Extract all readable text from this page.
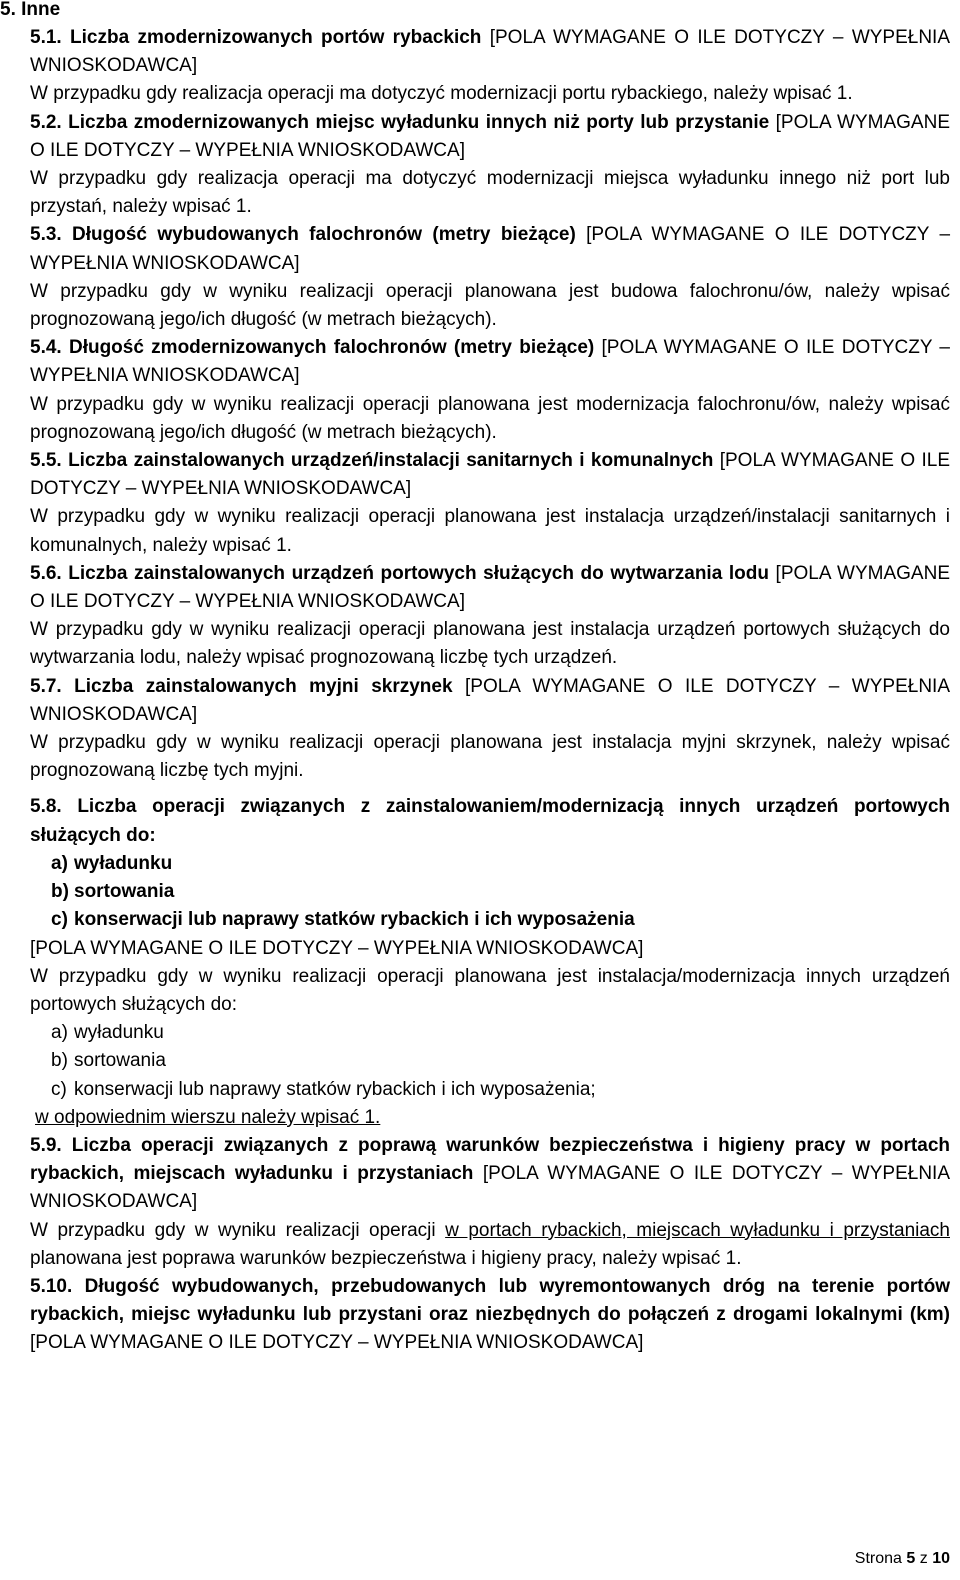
5. Inne

5.1. Liczba zmodernizowanych portów rybackich [POLA WYMAGANE O ILE DOTYCZY – WYPEŁNIA WNIOSKODAWCA]

W przypadku gdy realizacja operacji ma dotyczyć modernizacji portu rybackiego, należy wpisać 1.

5.2. Liczba zmodernizowanych miejsc wyładunku innych niż porty lub przystanie [POLA WYMAGANE O ILE DOTYCZY – WYPEŁNIA WNIOSKODAWCA]

W przypadku gdy realizacja operacji ma dotyczyć modernizacji miejsca wyładunku innego niż port lub przystań, należy wpisać 1.

5.3. Długość wybudowanych falochronów (metry bieżące) [POLA WYMAGANE O ILE DOTYCZY – WYPEŁNIA WNIOSKODAWCA]

W przypadku gdy w wyniku realizacji operacji planowana jest budowa falochronu/ów, należy wpisać prognozowaną jego/ich długość (w metrach bieżących).

5.4. Długość zmodernizowanych falochronów (metry bieżące) [POLA WYMAGANE O ILE DOTYCZY – WYPEŁNIA WNIOSKODAWCA]

W przypadku gdy w wyniku realizacji operacji planowana jest modernizacja falochronu/ów, należy wpisać prognozowaną jego/ich długość (w metrach bieżących).

5.5. Liczba zainstalowanych urządzeń/instalacji sanitarnych i komunalnych [POLA WYMAGANE O ILE DOTYCZY – WYPEŁNIA WNIOSKODAWCA]

W przypadku gdy w wyniku realizacji operacji planowana jest instalacja urządzeń/instalacji sanitarnych i komunalnych, należy wpisać 1.

5.6. Liczba zainstalowanych urządzeń portowych służących do wytwarzania lodu [POLA WYMAGANE O ILE DOTYCZY – WYPEŁNIA WNIOSKODAWCA]

W przypadku gdy w wyniku realizacji operacji planowana jest instalacja urządzeń portowych służących do wytwarzania lodu, należy wpisać prognozowaną liczbę tych urządzeń.

5.7. Liczba zainstalowanych myjni skrzynek [POLA WYMAGANE O ILE DOTYCZY – WYPEŁNIA WNIOSKODAWCA]

W przypadku gdy w wyniku realizacji operacji planowana jest instalacja myjni skrzynek, należy wpisać prognozowaną liczbę tych myjni.

5.8. Liczba operacji związanych z zainstalowaniem/modernizacją innych urządzeń portowych służących do:

a) wyładunku
b) sortowania
c) konserwacji lub naprawy statków rybackich i ich wyposażenia

[POLA WYMAGANE O ILE DOTYCZY – WYPEŁNIA WNIOSKODAWCA]

W przypadku gdy w wyniku realizacji operacji planowana jest instalacja/modernizacja innych urządzeń portowych służących do:

a) wyładunku
b) sortowania
c) konserwacji lub naprawy statków rybackich i ich wyposażenia;

w odpowiednim wierszu należy wpisać 1.

5.9. Liczba operacji związanych z poprawą warunków bezpieczeństwa i higieny pracy w portach rybackich, miejscach wyładunku i przystaniach [POLA WYMAGANE O ILE DOTYCZY – WYPEŁNIA WNIOSKODAWCA]

W przypadku gdy w wyniku realizacji operacji w portach rybackich, miejscach wyładunku i przystaniach planowana jest poprawa warunków bezpieczeństwa i higieny pracy, należy wpisać 1.

5.10. Długość wybudowanych, przebudowanych lub wyremontowanych dróg na terenie portów rybackich, miejsc wyładunku lub przystani oraz niezbędnych do połączeń z drogami lokalnymi (km) [POLA WYMAGANE O ILE DOTYCZY – WYPEŁNIA WNIOSKODAWCA]

Strona 5 z 10
